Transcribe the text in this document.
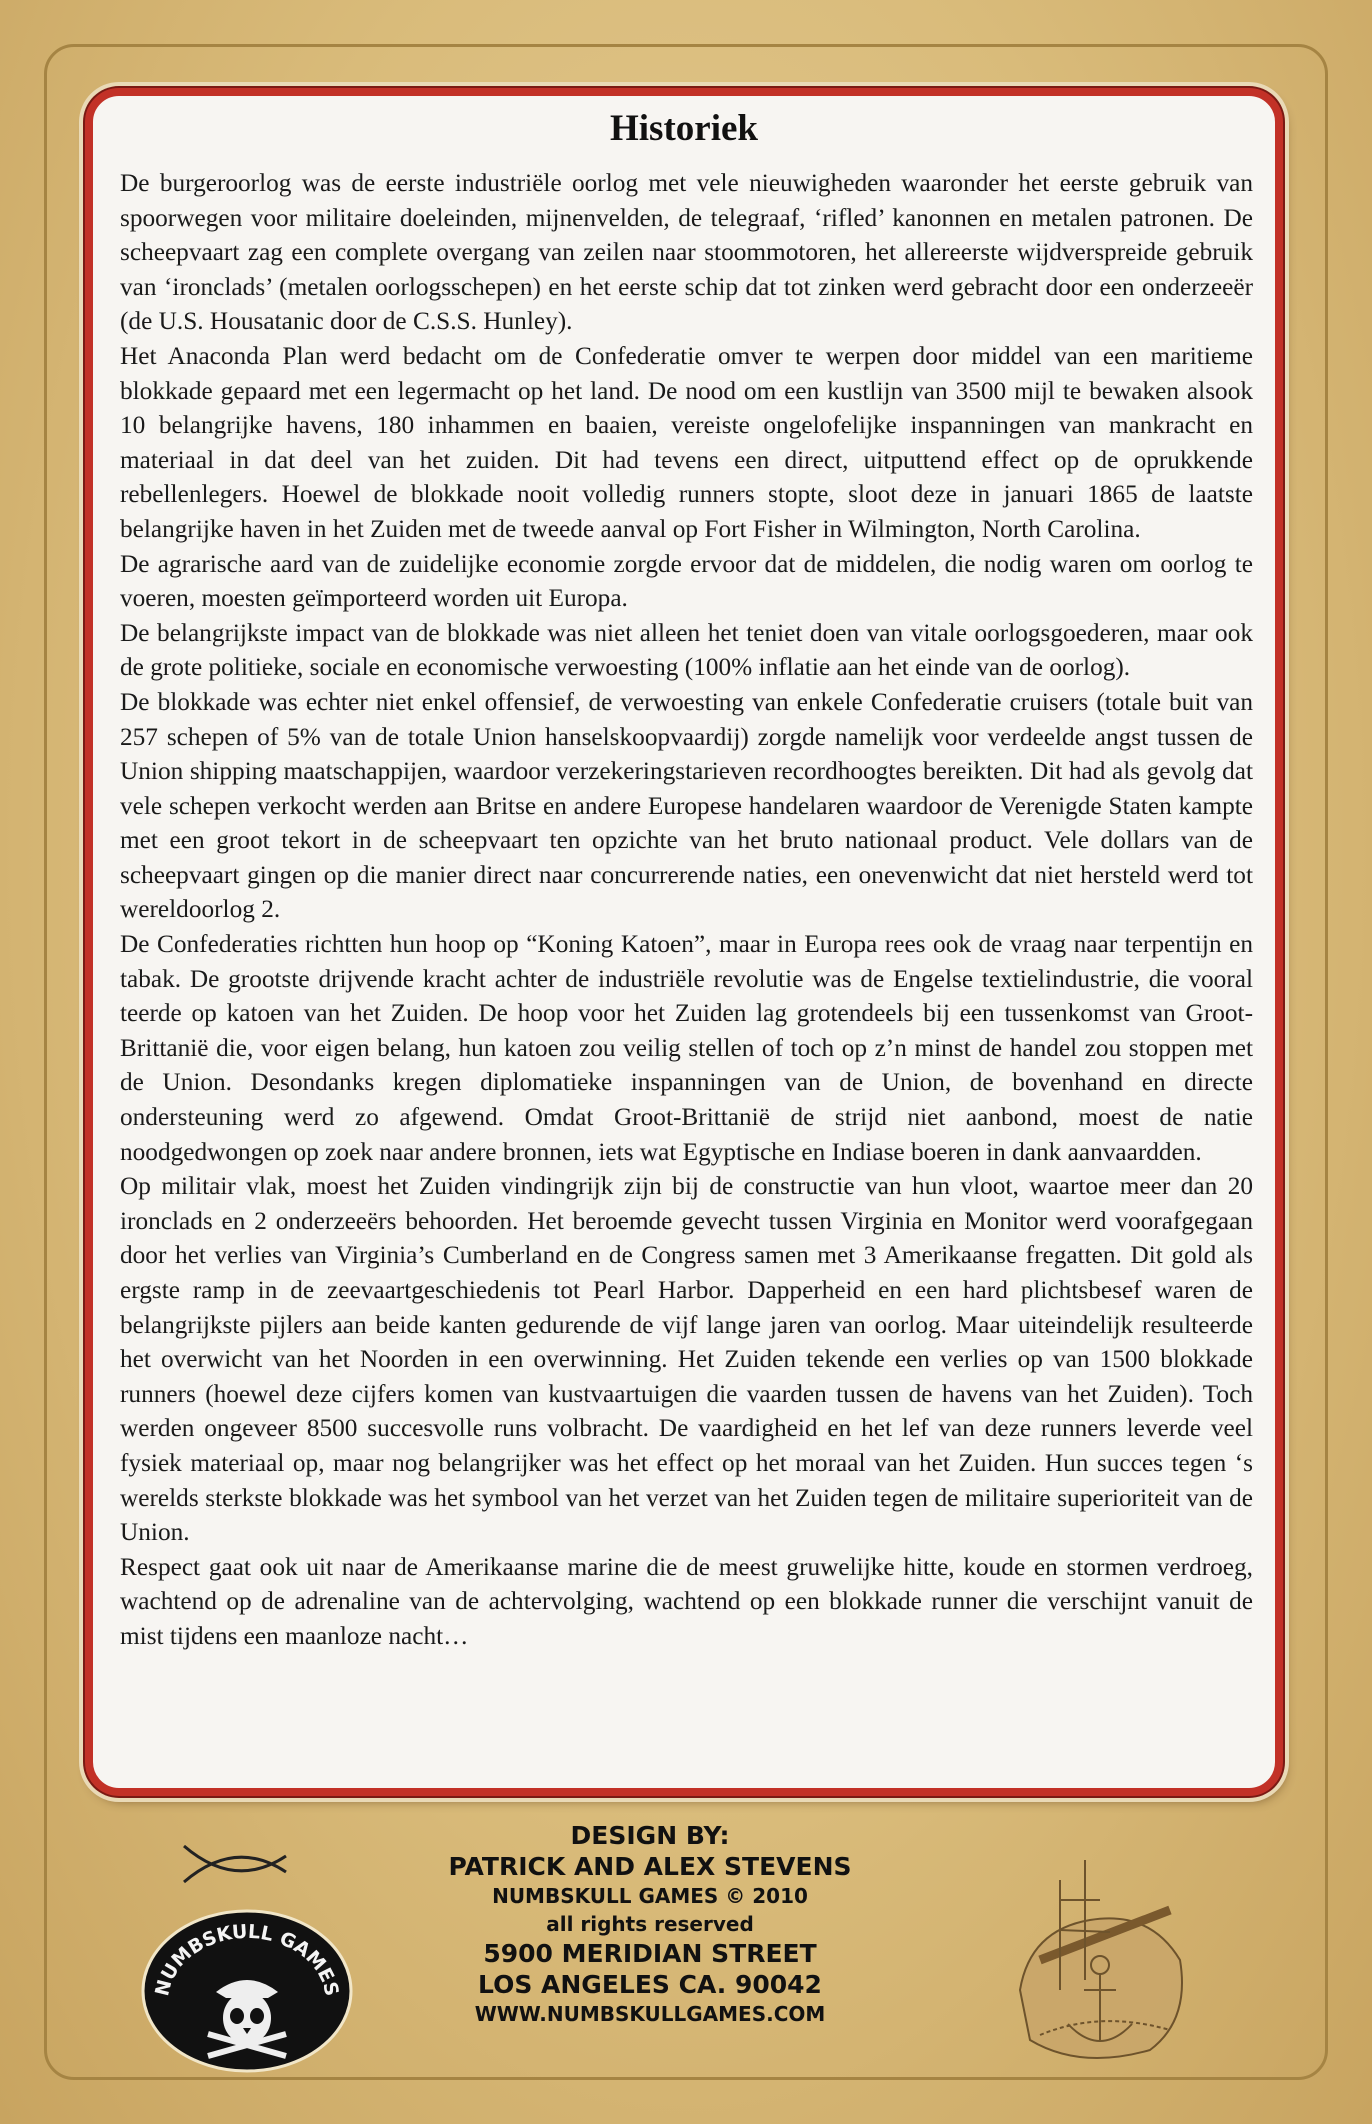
Historiek

De burgeroorlog was de eerste industriële oorlog met vele nieuwigheden waaronder het eerste gebruik van spoorwegen voor militaire doeleinden, mijnenvelden, de telegraaf, ‘rifled’ kanonnen en metalen patronen. De scheepvaart zag een complete overgang van zeilen naar stoommotoren, het allereerste wijdverspreide gebruik van ‘ironclads’ (metalen oorlogsschepen) en het eerste schip dat tot zinken werd gebracht door een onderzeeër (de U.S. Housatanic door de C.S.S. Hunley).

Het Anaconda Plan werd bedacht om de Confederatie omver te werpen door middel van een maritieme blokkade gepaard met een legermacht op het land. De nood om een kustlijn van 3500 mijl te bewaken alsook 10 belangrijke havens, 180 inhammen en baaien, vereiste ongelofelijke inspanningen van mankracht en materiaal in dat deel van het zuiden. Dit had tevens een direct, uitputtend effect op de oprukkende rebellenlegers. Hoewel de blokkade nooit volledig runners stopte, sloot deze in januari 1865 de laatste belangrijke haven in het Zuiden met de tweede aanval op Fort Fisher in Wilmington, North Carolina.

De agrarische aard van de zuidelijke economie zorgde ervoor dat de middelen, die nodig waren om oorlog te voeren, moesten geïmporteerd worden uit Europa.

De belangrijkste impact van de blokkade was niet alleen het teniet doen van vitale oorlogsgoederen, maar ook de grote politieke, sociale en economische verwoesting (100% inflatie aan het einde van de oorlog).

De blokkade was echter niet enkel offensief, de verwoesting van enkele Confederatie cruisers (totale buit van 257 schepen of 5% van de totale Union hanselskoopvaardij) zorgde namelijk voor verdeelde angst tussen de Union shipping maatschappijen, waardoor verzekeringstarieven recordhoogtes bereikten. Dit had als gevolg dat vele schepen verkocht werden aan Britse en andere Europese handelaren waardoor de Verenigde Staten kampte met een groot tekort in de scheepvaart ten opzichte van het bruto nationaal product. Vele dollars van de scheepvaart gingen op die manier direct naar concurrerende naties, een onevenwicht dat niet hersteld werd tot wereldoorlog 2.

De Confederaties richtten hun hoop op “Koning Katoen”, maar in Europa rees ook de vraag naar terpentijn en tabak. De grootste drijvende kracht achter de industriële revolutie was de Engelse textielindustrie, die vooral teerde op katoen van het Zuiden. De hoop voor het Zuiden lag grotendeels bij een tussenkomst van Groot-Brittanië die, voor eigen belang, hun katoen zou veilig stellen of toch op z’n minst de handel zou stoppen met de Union. Desondanks kregen diplomatieke inspanningen van de Union, de bovenhand en directe ondersteuning werd zo afgewend. Omdat Groot-Brittanië de strijd niet aanbond, moest de natie noodgedwongen op zoek naar andere bronnen, iets wat Egyptische en Indiase boeren in dank aanvaardden.

Op militair vlak, moest het Zuiden vindingrijk zijn bij de constructie van hun vloot, waartoe meer dan 20 ironclads en 2 onderzeeërs behoorden. Het beroemde gevecht tussen Virginia en Monitor werd voorafgegaan door het verlies van Virginia’s Cumberland en de Congress samen met 3 Amerikaanse fregatten. Dit gold als ergste ramp in de zeevaartgeschiedenis tot Pearl Harbor. Dapperheid en een hard plichtsbesef waren de belangrijkste pijlers aan beide kanten gedurende de vijf lange jaren van oorlog. Maar uiteindelijk resulteerde het overwicht van het Noorden in een overwinning. Het Zuiden tekende een verlies op van 1500 blokkade runners (hoewel deze cijfers komen van kustvaartuigen die vaarden tussen de havens van het Zuiden). Toch werden ongeveer 8500 succesvolle runs volbracht. De vaardigheid en het lef van deze runners leverde veel fysiek materiaal op, maar nog belangrijker was het effect op het moraal van het Zuiden. Hun succes tegen ‘s werelds sterkste blokkade was het symbool van het verzet van het Zuiden tegen de militaire superioriteit van de Union.

Respect gaat ook uit naar de Amerikaanse marine die de meest gruwelijke hitte, koude en stormen verdroeg, wachtend op de adrenaline van de achtervolging, wachtend op een blokkade runner die verschijnt vanuit de mist tijdens een maanloze nacht…

NUMBSKULL GAMES
DESIGN BY:
PATRICK AND ALEX STEVENS
NUMBSKULL GAMES © 2010
all rights reserved
5900 MERIDIAN STREET
LOS ANGELES CA. 90042
WWW.NUMBSKULLGAMES.COM
